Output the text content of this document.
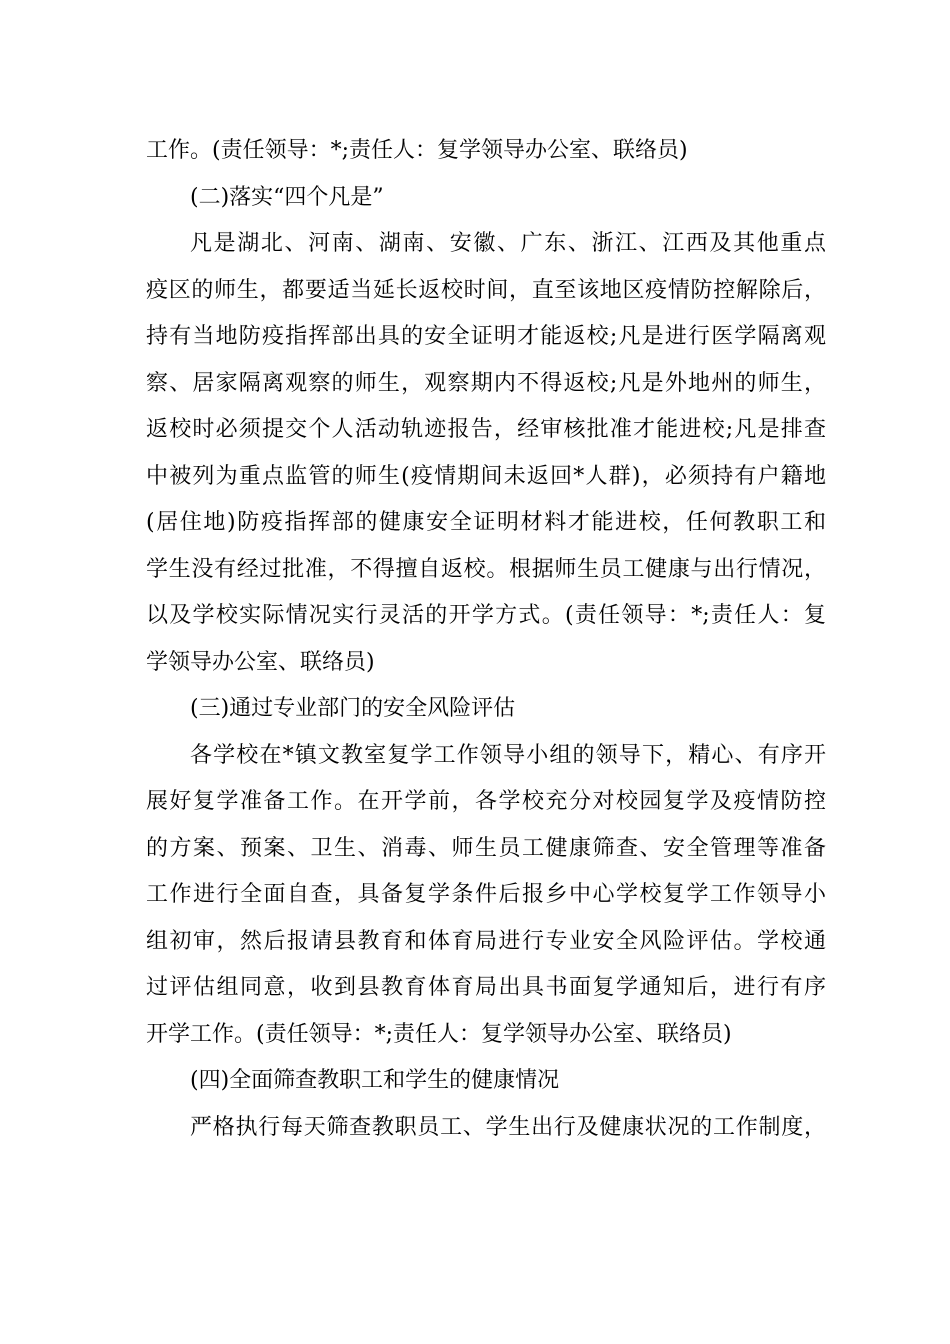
工作。(责任领导：*;责任人：复学领导办公室、联络员)
(二)落实“四个凡是”
凡是湖北、河南、湖南、安徽、广东、浙江、江西及其他重点
疫区的师生，都要适当延长返校时间，直至该地区疫情防控解除后，
持有当地防疫指挥部出具的安全证明才能返校;凡是进行医学隔离观
察、居家隔离观察的师生，观察期内不得返校;凡是外地州的师生，
返校时必须提交个人活动轨迹报告，经审核批准才能进校;凡是排查
中被列为重点监管的师生(疫情期间未返回*人群)，必须持有户籍地
(居住地)防疫指挥部的健康安全证明材料才能进校，任何教职工和
学生没有经过批准，不得擅自返校。根据师生员工健康与出行情况，
以及学校实际情况实行灵活的开学方式。(责任领导：*;责任人：复
学领导办公室、联络员)
(三)通过专业部门的安全风险评估
各学校在*镇文教室复学工作领导小组的领导下，精心、有序开
展好复学准备工作。在开学前，各学校充分对校园复学及疫情防控
的方案、预案、卫生、消毒、师生员工健康筛查、安全管理等准备
工作进行全面自查，具备复学条件后报乡中心学校复学工作领导小
组初审，然后报请县教育和体育局进行专业安全风险评估。学校通
过评估组同意，收到县教育体育局出具书面复学通知后，进行有序
开学工作。(责任领导：*;责任人：复学领导办公室、联络员)
(四)全面筛查教职工和学生的健康情况
严格执行每天筛查教职员工、学生出行及健康状况的工作制度，
